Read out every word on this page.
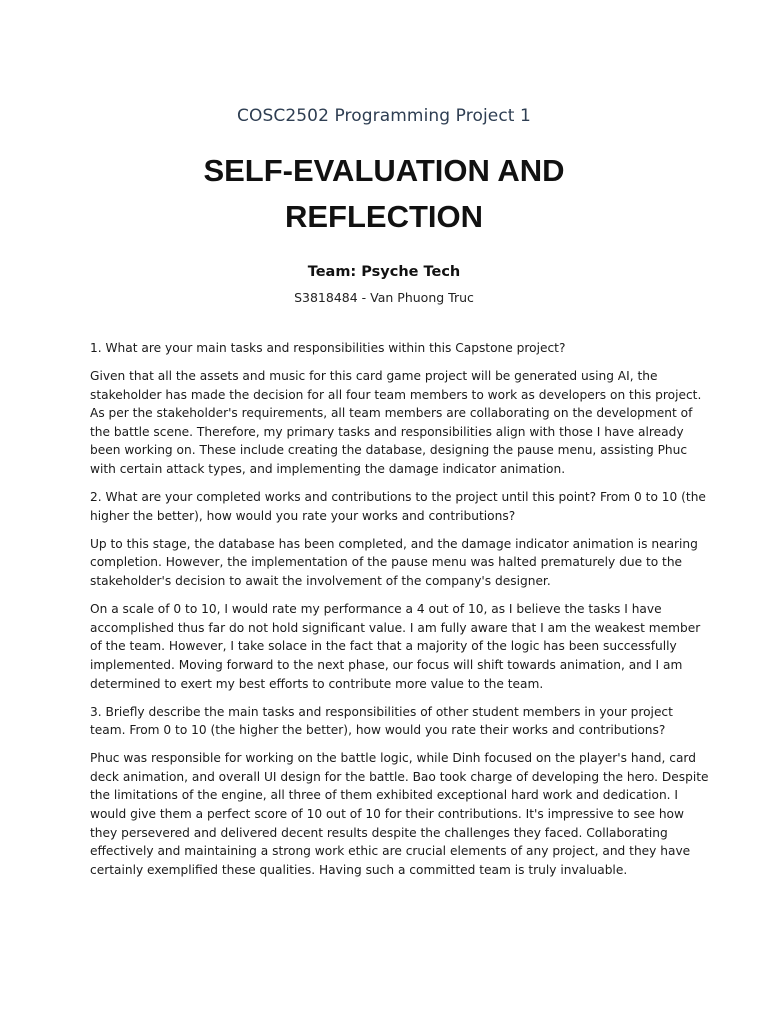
COSC2502 Programming Project 1
SELF-EVALUATION AND
REFLECTION
Team: Psyche Tech
S3818484 - Van Phuong Truc

1. What are your main tasks and responsibilities within this Capstone project?

Given that all the assets and music for this card game project will be generated using AI, the stakeholder has made the decision for all four team members to work as developers on this project. As per the stakeholder's requirements, all team members are collaborating on the development of the battle scene. Therefore, my primary tasks and responsibilities align with those I have already been working on. These include creating the database, designing the pause menu, assisting Phuc with certain attack types, and implementing the damage indicator animation.

2. What are your completed works and contributions to the project until this point? From 0 to 10 (the higher the better), how would you rate your works and contributions?

Up to this stage, the database has been completed, and the damage indicator animation is nearing completion. However, the implementation of the pause menu was halted prematurely due to the stakeholder's decision to await the involvement of the company's designer.

On a scale of 0 to 10, I would rate my performance a 4 out of 10, as I believe the tasks I have accomplished thus far do not hold significant value. I am fully aware that I am the weakest member of the team. However, I take solace in the fact that a majority of the logic has been successfully implemented. Moving forward to the next phase, our focus will shift towards animation, and I am determined to exert my best efforts to contribute more value to the team.

3. Briefly describe the main tasks and responsibilities of other student members in your project team. From 0 to 10 (the higher the better), how would you rate their works and contributions?

Phuc was responsible for working on the battle logic, while Dinh focused on the player's hand, card deck animation, and overall UI design for the battle. Bao took charge of developing the hero. Despite the limitations of the engine, all three of them exhibited exceptional hard work and dedication. I would give them a perfect score of 10 out of 10 for their contributions. It's impressive to see how they persevered and delivered decent results despite the challenges they faced. Collaborating effectively and maintaining a strong work ethic are crucial elements of any project, and they have certainly exemplified these qualities. Having such a committed team is truly invaluable.
